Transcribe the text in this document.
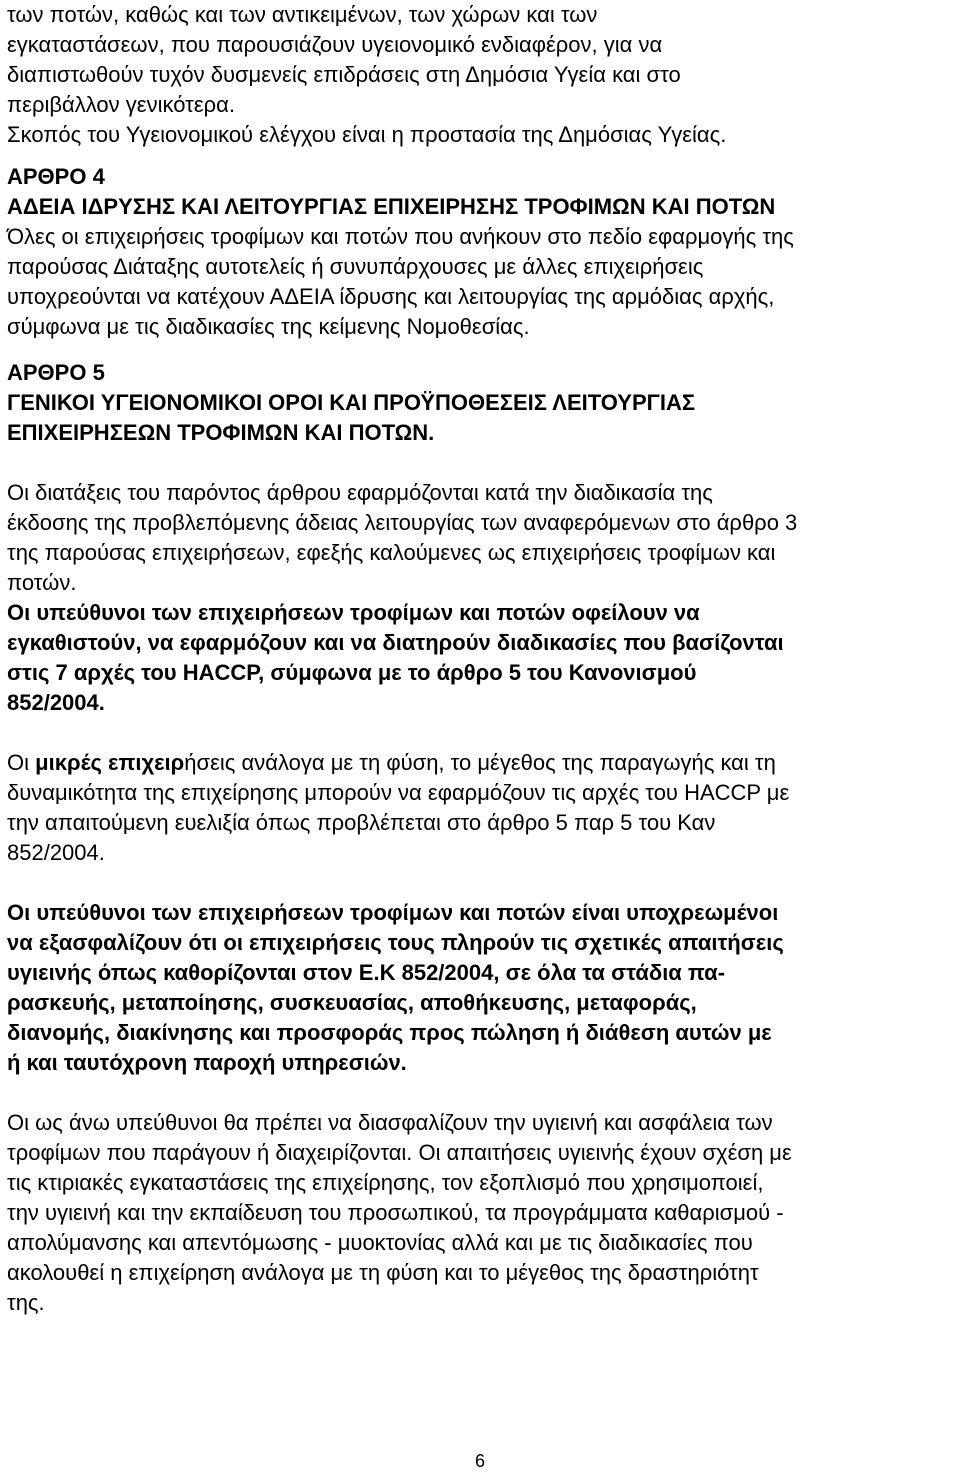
των ποτών, καθώς και των αντικειμένων, των χώρων και των
εγκαταστάσεων, που παρουσιάζουν υγειονομικό ενδιαφέρον, για να
διαπιστωθούν τυχόν δυσμενείς επιδράσεις στη Δημόσια Υγεία και στο
περιβάλλον γενικότερα.
Σκοπός του Υγειονομικού ελέγχου είναι η προστασία της Δημόσιας Υγείας.

ΑΡΘΡΟ 4

ΑΔΕΙΑ ΙΔΡΥΣΗΣ ΚΑΙ ΛΕΙΤΟΥΡΓΙΑΣ ΕΠΙΧΕΙΡΗΣΗΣ ΤΡΟΦΙΜΩΝ ΚΑΙ ΠΟΤΩΝ

Όλες οι επιχειρήσεις τροφίμων και ποτών που ανήκουν στο πεδίο εφαρμογής της
παρούσας Διάταξης αυτοτελείς ή συνυπάρχουσες με άλλες επιχειρήσεις
υποχρεούνται να κατέχουν ΑΔΕΙΑ ίδρυσης και λειτουργίας της αρμόδιας αρχής,
σύμφωνα με τις διαδικασίες της κείμενης Νομοθεσίας.

ΑΡΘΡΟ 5

ΓΕΝΙΚΟΙ ΥΓΕΙΟΝΟΜΙΚΟΙ ΟΡΟΙ ΚΑΙ ΠΡΟΫΠΟΘΕΣΕΙΣ ΛΕΙΤΟΥΡΓΙΑΣ
ΕΠΙΧΕΙΡΗΣΕΩΝ ΤΡΟΦΙΜΩΝ ΚΑΙ ΠΟΤΩΝ.

Οι διατάξεις του παρόντος άρθρου εφαρμόζονται κατά την διαδικασία της
έκδοσης της προβλεπόμενης άδειας λειτουργίας των αναφερόμενων στο άρθρο 3
της παρούσας επιχειρήσεων, εφεξής καλούμενες ως επιχειρήσεις τροφίμων και
ποτών.

Οι υπεύθυνοι των επιχειρήσεων τροφίμων και ποτών οφείλουν να
εγκαθιστούν, να εφαρμόζουν και να διατηρούν διαδικασίες που βασίζονται
στις 7 αρχές του HACCP, σύμφωνα με το άρθρο 5 του Κανονισμού
852/2004.

Οι μικρές επιχειρήσεις ανάλογα με τη φύση, το μέγεθος της παραγωγής και τη
δυναμικότητα της επιχείρησης μπορούν να εφαρμόζουν τις αρχές του HACCP με
την απαιτούμενη ευελιξία όπως προβλέπεται στο άρθρο 5 παρ 5 του Καν
852/2004.

Οι υπεύθυνοι των επιχειρήσεων τροφίμων και ποτών είναι υποχρεωμένοι
να εξασφαλίζουν ότι οι επιχειρήσεις τους πληρούν τις σχετικές απαιτήσεις
υγιεινής όπως καθορίζονται στον Ε.Κ 852/2004, σε όλα τα στάδια πα-
ρασκευής, μεταποίησης, συσκευασίας, αποθήκευσης, μεταφοράς,
διανομής, διακίνησης και προσφοράς προς πώληση ή διάθεση αυτών με
ή και ταυτόχρονη παροχή υπηρεσιών.

Οι ως άνω υπεύθυνοι θα πρέπει να διασφαλίζουν την υγιεινή και ασφάλεια των
τροφίμων που παράγουν ή διαχειρίζονται. Οι απαιτήσεις υγιεινής έχουν σχέση με
τις κτιριακές εγκαταστάσεις της επιχείρησης, τον εξοπλισμό που χρησιμοποιεί,
την υγιεινή και την εκπαίδευση του προσωπικού, τα προγράμματα καθαρισμού -
απολύμανσης και απεντόμωσης - μυοκτονίας αλλά και με τις διαδικασίες που
ακολουθεί η επιχείρηση ανάλογα με τη φύση και το μέγεθος της δραστηριότητ
της.

6
